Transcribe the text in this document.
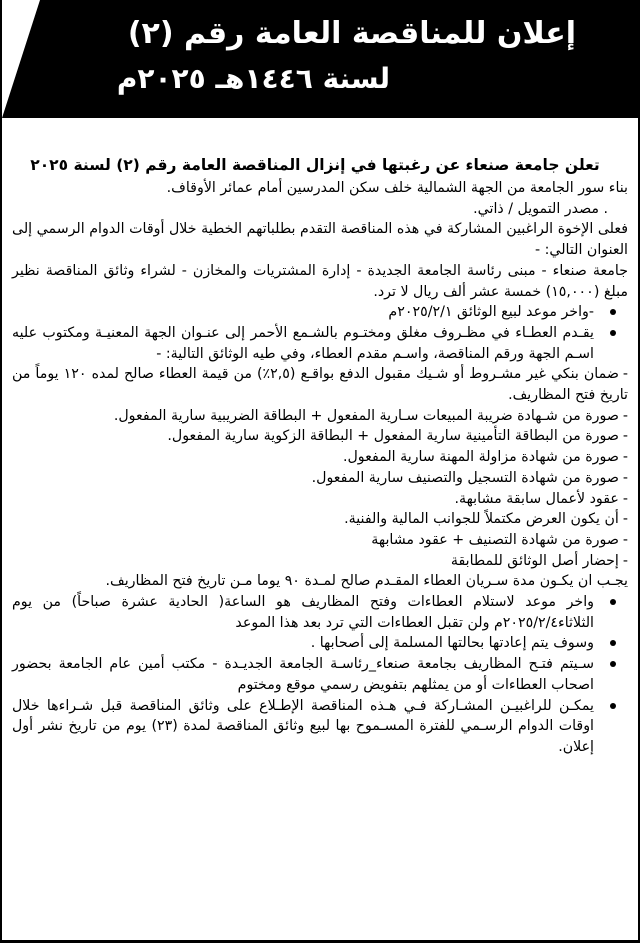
إعلان للمناقصة العامة رقم (٢)
لسنة ١٤٤٦هـ ٢٠٢٥م
تعلن جامعة صنعاء عن رغبتها في إنزال المناقصة العامة رقم (٢) لسنة ٢٠٢٥

بناء سور الجامعة من الجهة الشمالية خلف سكن المدرسين أمام عمائر الأوقاف.

. مصدر التمويل / ذاتي.

فعلى الإخوة الراغبين المشاركة في هذه المناقصة التقدم بطلباتهم الخطية خلال أوقات الدوام الرسمي إلى العنوان التالي: -

جامعة صنعاء - مبنى رئاسة الجامعة الجديدة - إدارة المشتريات والمخازن - لشراء وثائق المناقصة نظير مبلغ (١٥,٠٠٠) خمسة عشر ألف ريال لا ترد.

-واخر موعد لبيع الوثائق ٢٠٢٥/٢/١م

يقـدم العطـاء في مظـروف مغلق ومختـوم بالشـمع الأحمر إلى عنـوان الجهة المعنيـة ومكتوب عليه اسـم الجهة ورقم المناقصة، واسـم مقدم العطاء، وفي طيه الوثائق التالية: -

-ضمان بنكي غير مشـروط أو شـيك مقبول الدفع بواقـع (٢,٥٪) من قيمة العطاء صالح لمده ١٢٠ يوماً من تاريخ فتح المظاريف.

-صورة من شـهادة ضريبة المبيعات سـارية المفعول + البطاقة الضريبية سارية المفعول.

-صورة من البطاقة التأمينية سارية المفعول + البطاقة الزكوية سارية المفعول.

-صورة من شهادة مزاولة المهنة سارية المفعول.

-صورة من شهادة التسجيل والتصنيف سارية المفعول.

-عقود لأعمال سابقة مشابهة.

-أن يكون العرض مكتملاً للجوانب المالية والفنية.

-صورة من شهادة التصنيف + عقود مشابهة

-إحضار أصل الوثائق للمطابقة

يجـب ان يكـون مدة سـريان العطاء المقـدم صالح لمـدة ٩٠ يوما مـن تاريخ فتح المظاريف.

واخر موعد لاستلام العطاءات وفتح المظاريف هو الساعة( الحادية عشرة صباحاً) من يوم الثلاثاء٢٠٢٥/٢/٤م ولن تقبل العطاءات التي ترد بعد هذا الموعد

وسوف يتم إعادتها بحالتها المسلمة إلى أصحابها .

سـيتم فتـح المظاريف بجامعة صنعاء_رئاسـة الجامعة الجديـدة - مكتب أمين عام الجامعة بحضور اصحاب العطاءات أو من يمثلهم بتفويض رسمي موقع ومختوم

يمكـن للراغبيـن المشـاركة فـي هـذه المناقصة الإطـلاع على وثائق المناقصة قبل شـراءها خلال اوقات الدوام الرسـمي للفترة المسـموح بها لبيع وثائق المناقصة لمدة (٢٣) يوم من تاريخ نشر أول إعلان.
